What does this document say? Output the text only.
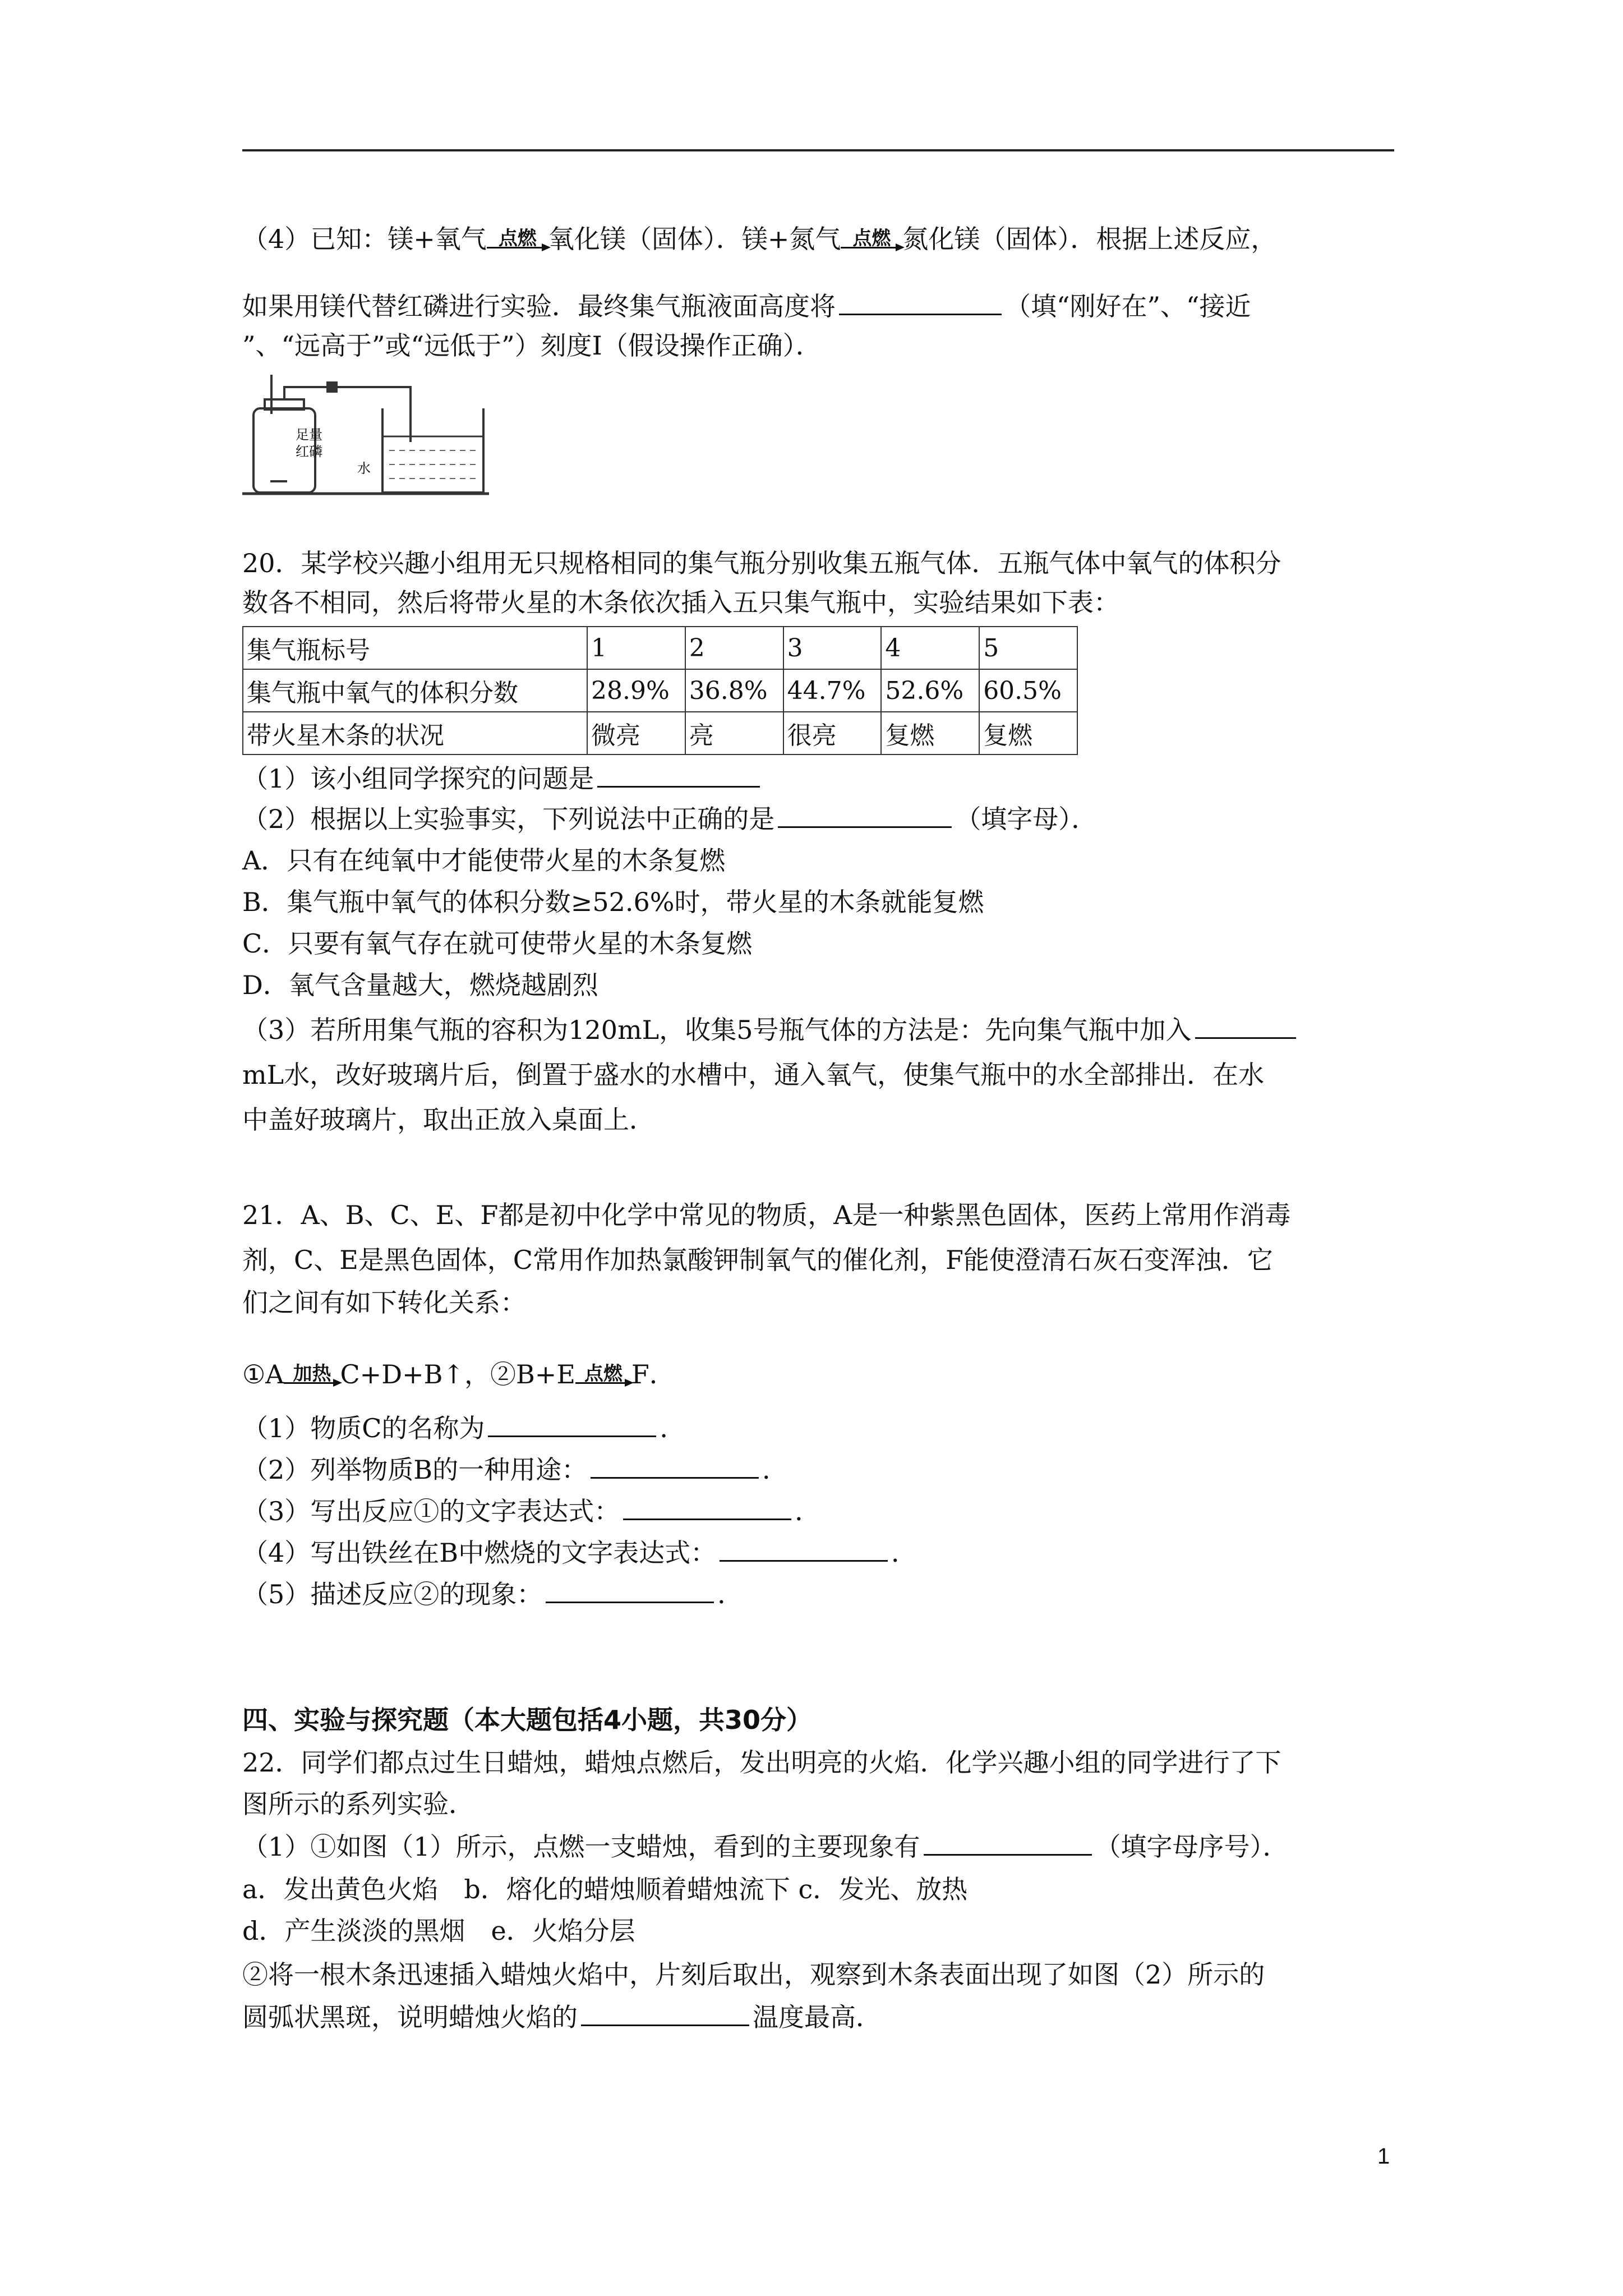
（4）已知：镁+氧气 点燃 氧化镁（固体）．镁+氮气 点燃 氮化镁（固体）．根据上述反应，
如果用镁代替红磷进行实验．最终集气瓶液面高度将	（填“刚好在”、“接近
”、“远高于”或“远低于”）刻度Ⅰ（假设操作正确）．
足量
红磷
水
20．某学校兴趣小组用无只规格相同的集气瓶分别收集五瓶气体．五瓶气体中氧气的体积分
数各不相同，然后将带火星的木条依次插入五只集气瓶中，实验结果如下表：
集气瓶标号	1	2	3	4	5
集气瓶中氧气的体积分数	28.9%	36.8%	44.7%	52.6%	60.5%
带火星木条的状况	微亮	亮	很亮	复燃	复燃
（1）该小组同学探究的问题是
（2）根据以上实验事实，下列说法中正确的是	（填字母）．
A．只有在纯氧中才能使带火星的木条复燃
B．集气瓶中氧气的体积分数≥52.6%时，带火星的木条就能复燃
C．只要有氧气存在就可使带火星的木条复燃
D．氧气含量越大，燃烧越剧烈
（3）若所用集气瓶的容积为120mL，收集5号瓶气体的方法是：先向集气瓶中加入
mL水，改好玻璃片后，倒置于盛水的水槽中，通入氧气，使集气瓶中的水全部排出．在水
中盖好玻璃片，取出正放入桌面上．
21．A、B、C、E、F都是初中化学中常见的物质，A是一种紫黑色固体，医药上常用作消毒
剂，C、E是黑色固体，C常用作加热氯酸钾制氧气的催化剂，F能使澄清石灰石变浑浊．它
们之间有如下转化关系：
①A 加热 C+D+B↑，②B+E 点燃 F．
（1）物质C的名称为	．
（2）列举物质B的一种用途：	．
（3）写出反应①的文字表达式：	．
（4）写出铁丝在B中燃烧的文字表达式：	．
（5）描述反应②的现象：	．
四、实验与探究题（本大题包括4小题，共30分）
22．同学们都点过生日蜡烛，蜡烛点燃后，发出明亮的火焰．化学兴趣小组的同学进行了下
图所示的系列实验．
（1）①如图（1）所示，点燃一支蜡烛，看到的主要现象有	（填字母序号）．
a．发出黄色火焰　b．熔化的蜡烛顺着蜡烛流下 c．发光、放热
d．产生淡淡的黑烟　e．火焰分层
②将一根木条迅速插入蜡烛火焰中，片刻后取出，观察到木条表面出现了如图（2）所示的
圆弧状黑斑，说明蜡烛火焰的	温度最高．
1
